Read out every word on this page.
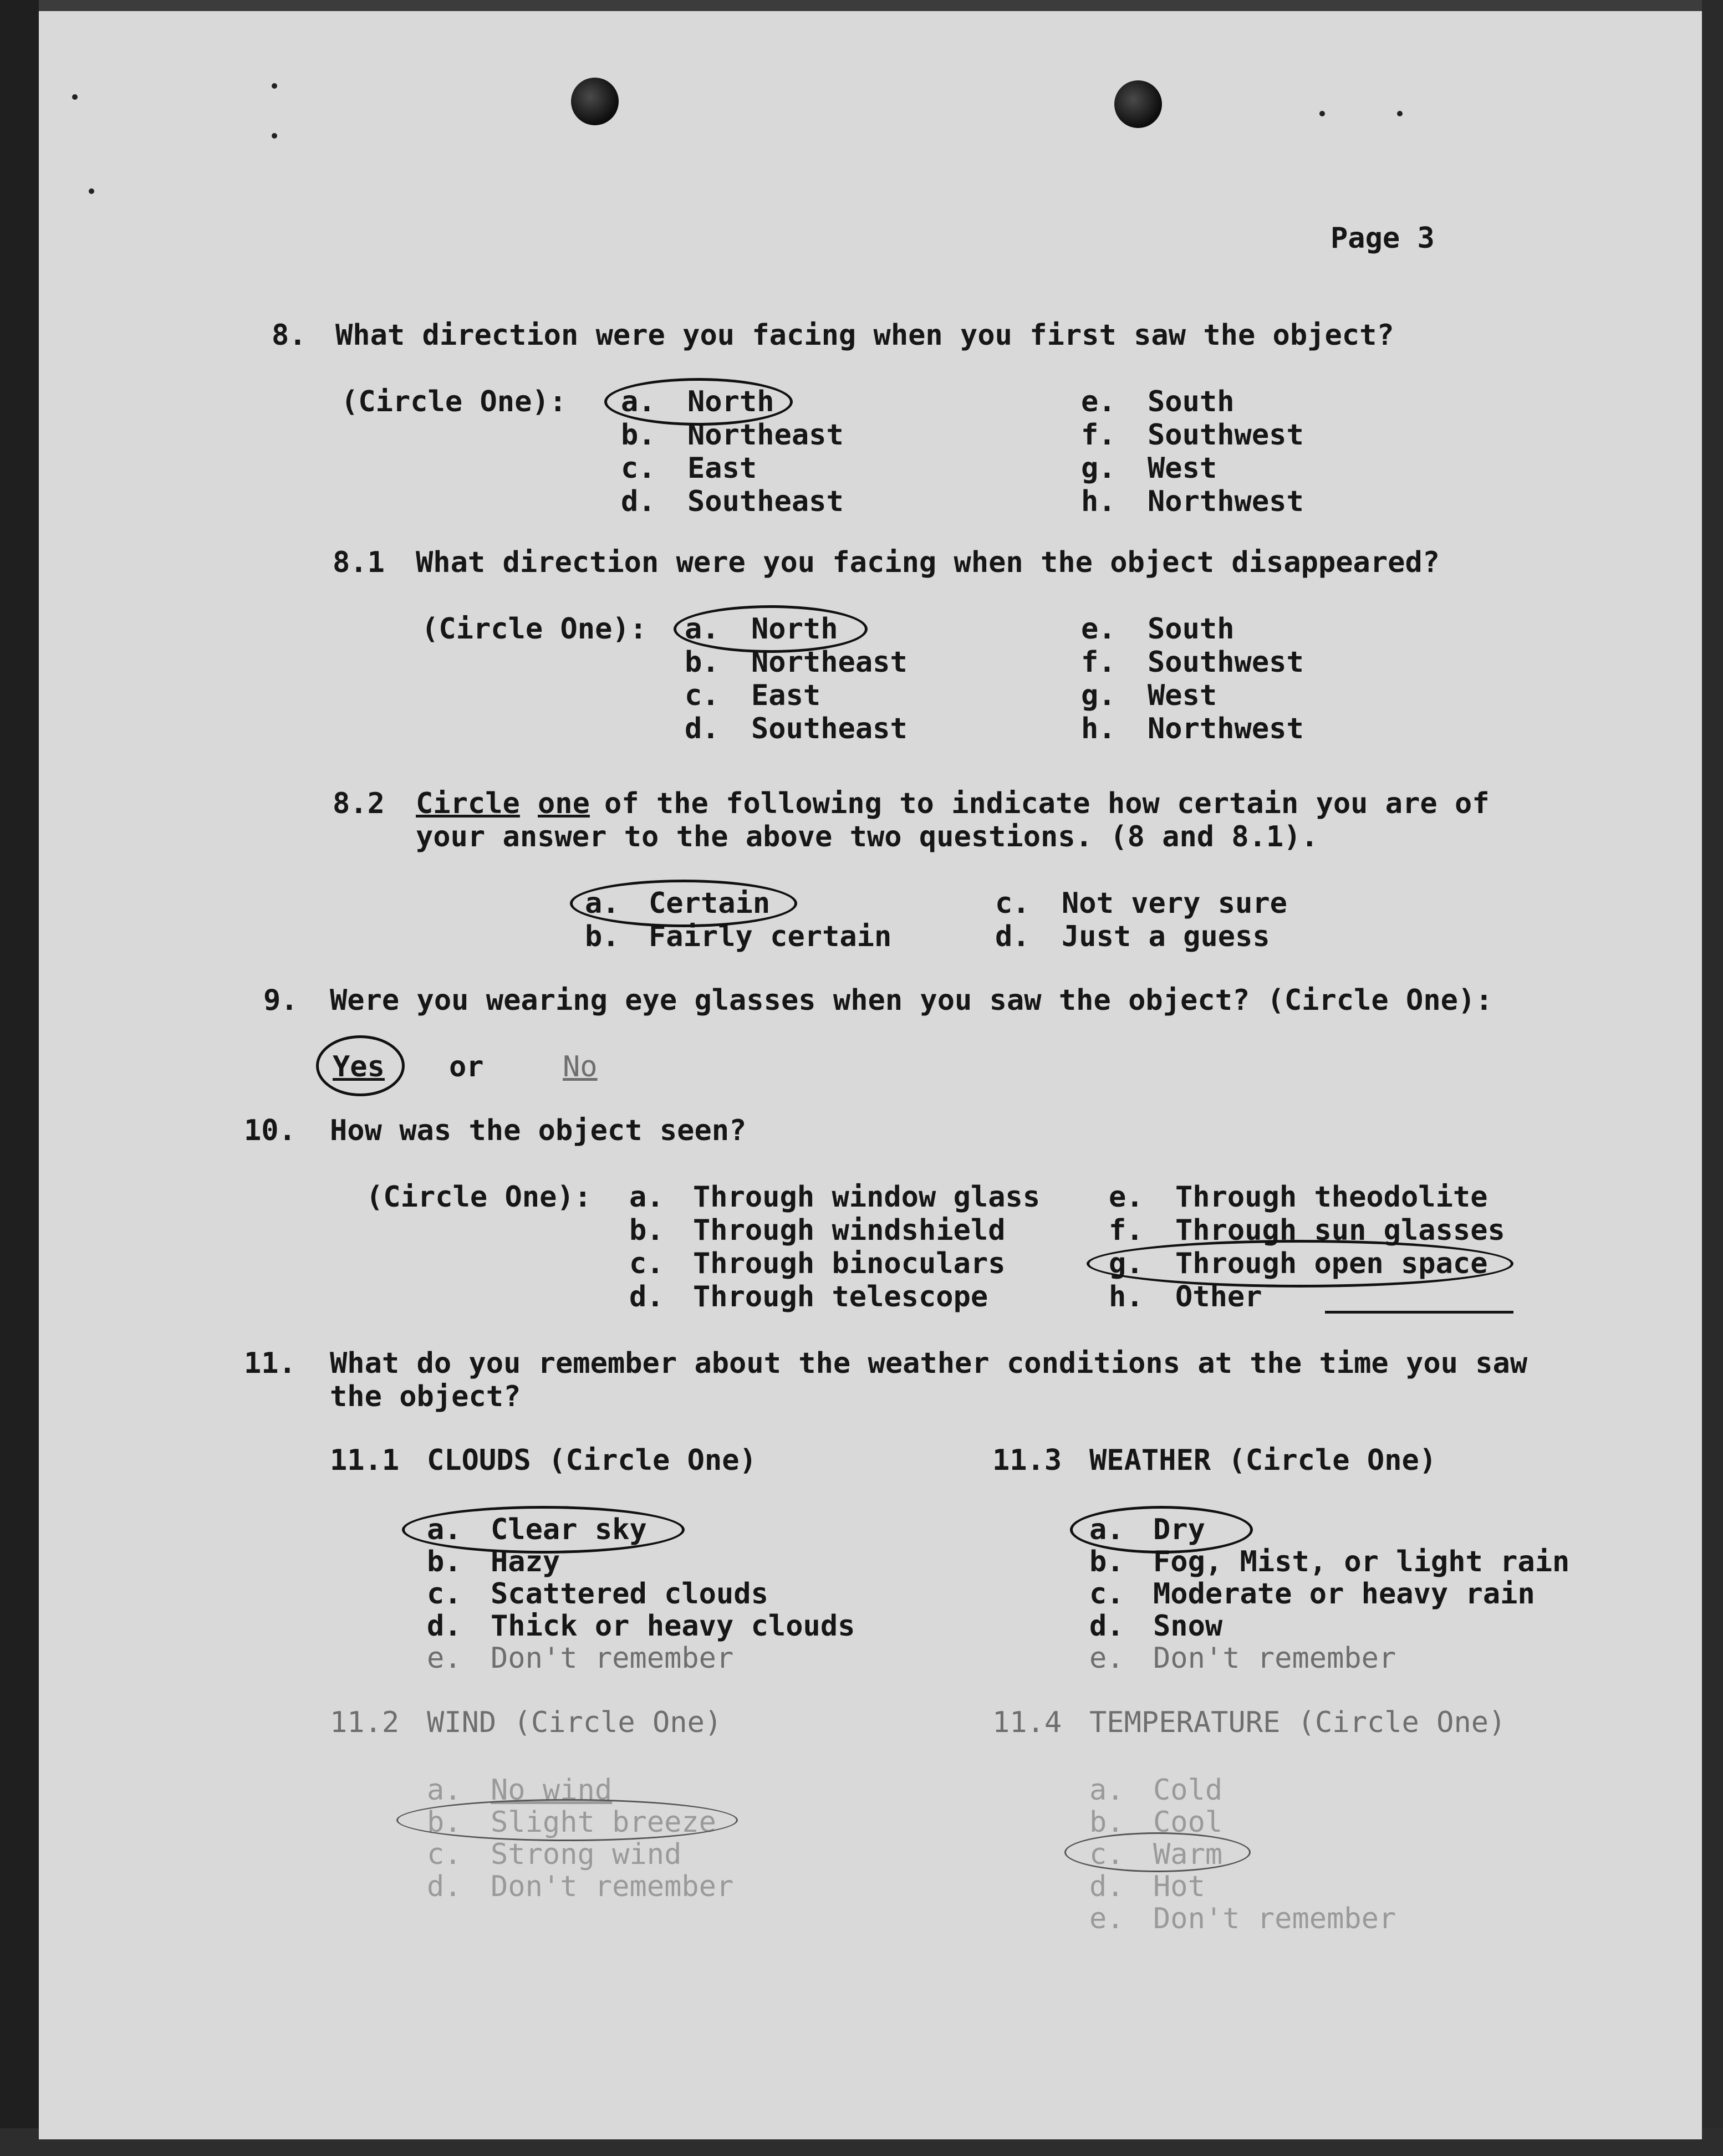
Page 3
8. What direction were you facing when you first saw the object?
(Circle One): a. North
b. Northeast
c. East
d. Southeast
e. South
f. Southwest
g. West
h. Northwest
8.1 What direction were you facing when the object disappeared?
(Circle One): a. North
b. Northeast
c. East
d. Southeast
e. South
f. Southwest
g. West
h. Northwest
8.2 Circle one of the following to indicate how certain you are of
your answer to the above two questions. (8 and 8.1).
a. Certain
b. Fairly certain
c. Not very sure
d. Just a guess
9. Were you wearing eye glasses when you saw the object? (Circle One):
Yes or	No
10. How was the object seen?
(Circle One): a. Through window glass
b. Through windshield
c. Through binoculars
d. Through telescope
e. Through theodolite
f. Through sun glasses
g. Through open space
h. Other
11. What do you remember about the weather conditions at the time you saw
the object?
11.1 CLOUDS (Circle One)
a. Clear sky
b. Hazy
c. Scattered clouds
d. Thick or heavy clouds
e. Don't remember
11.2 WIND (Circle One)
a. No wind
b. Slight breeze
c. Strong wind
d. Don't remember
11.3 WEATHER (Circle One)
a. Dry
b. Fog, Mist, or light rain
c. Moderate or heavy rain
d. Snow
e. Don't remember
11.4 TEMPERATURE (Circle One)
a. Cold
b. Cool
c. Warm
d. Hot
e. Don't remember
